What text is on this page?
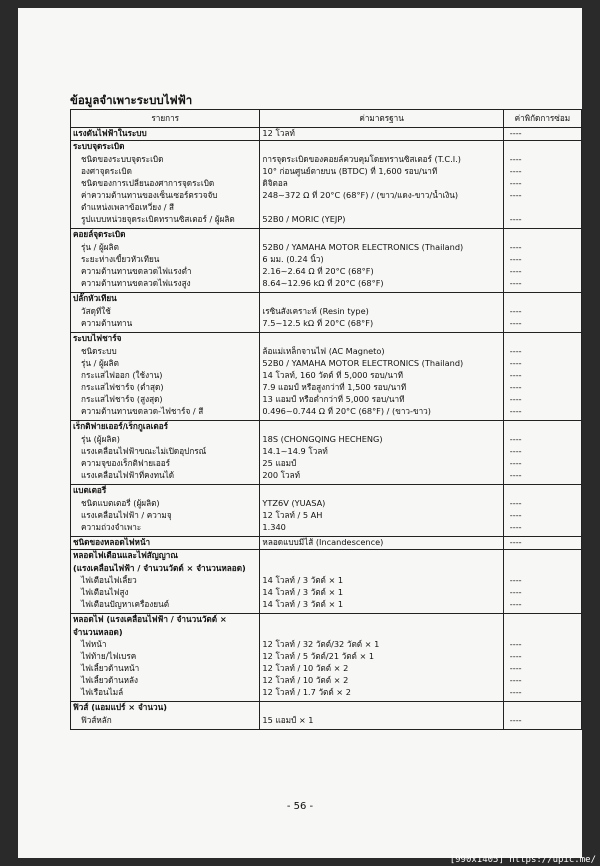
ข้อมูลจำเพาะระบบไฟฟ้า
รายการ	ค่ามาตรฐาน	ค่าพิกัดการซ่อม
แรงดันไฟฟ้าในระบบ	12 โวลท์	----
ระบบจุดระเบิด		
ชนิดของระบบจุดระเบิด	การจุดระเบิดของคอยล์ควบคุมโดยทรานซิสเตอร์ (T.C.I.)	----
องศาจุดระเบิด	10° ก่อนศูนย์ตายบน (BTDC) ที่ 1,600 รอบ/นาที	----
ชนิดของการเปลี่ยนองศาการจุดระเบิด	ดิจิตอล	----
ค่าความต้านทานของเซ็นเซอร์ตรวจจับ	248~372 Ω ที่ 20°C (68°F) / (ขาว/แดง-ขาว/น้ำเงิน)	----
ตำแหน่งเพลาข้อเหวี่ยง / สี		
รูปแบบหน่วยจุดระเบิดทรานซิสเตอร์ / ผู้ผลิต	52B0 / MORIC (YEJP)	----

คอยล์จุดระเบิด		
รุ่น / ผู้ผลิต	52B0 / YAMAHA MOTOR ELECTRONICS (Thailand)	----
ระยะห่างเขี้ยวหัวเทียน	6 มม. (0.24 นิ้ว)	----
ความต้านทานขดลวดไฟแรงต่ำ	2.16~2.64 Ω ที่ 20°C (68°F)	----
ความต้านทานขดลวดไฟแรงสูง	8.64~12.96 kΩ ที่ 20°C (68°F)	----

ปลั๊กหัวเทียน		
วัสดุที่ใช้	เรซินสังเคราะห์ (Resin type)	----
ความต้านทาน	7.5~12.5 kΩ ที่ 20°C (68°F)	----

ระบบไฟชาร์จ		
ชนิดระบบ	ล้อแม่เหล็กจานไฟ (AC Magneto)	----
รุ่น / ผู้ผลิต	52B0 / YAMAHA MOTOR ELECTRONICS (Thailand)	----
กระแสไฟออก (ใช้งาน)	14 โวลท์, 160 วัตต์ ที่ 5,000 รอบ/นาที	----
กระแสไฟชาร์จ (ต่ำสุด)	7.9 แอมป์ หรือสูงกว่าที่ 1,500 รอบ/นาที	----
กระแสไฟชาร์จ (สูงสุด)	13 แอมป์ หรือต่ำกว่าที่ 5,000 รอบ/นาที	----
ความต้านทานขดลวด-ไฟชาร์จ / สี	0.496~0.744 Ω ที่ 20°C (68°F) / (ขาว-ขาว)	----

เร็กติฟายเออร์/เร็กกูเลเตอร์		
รุ่น (ผู้ผลิต)	18S (CHONGQING HECHENG)	----
แรงเคลื่อนไฟฟ้าขณะไม่เปิดอุปกรณ์	14.1~14.9 โวลท์	----
ความจุของเร็กติฟายเออร์	25 แอมป์	----
แรงเคลื่อนไฟฟ้าที่คงทนได้	200 โวลท์	----

แบตเตอรี่		
ชนิดแบตเตอรี่ (ผู้ผลิต)	YTZ6V (YUASA)	----
แรงเคลื่อนไฟฟ้า / ความจุ	12 โวลท์ / 5 AH	----
ความถ่วงจำเพาะ	1.340	----

ชนิดของหลอดไฟหน้า	หลอดแบบมีไส้ (Incandescence)	----
หลอดไฟเตือนและไฟสัญญาณ		
(แรงเคลื่อนไฟฟ้า / จำนวนวัตต์ × จำนวนหลอด)		
ไฟเตือนไฟเลี้ยว	14 โวลท์ / 3 วัตต์ × 1	----
ไฟเตือนไฟสูง	14 โวลท์ / 3 วัตต์ × 1	----
ไฟเตือนปัญหาเครื่องยนต์	14 โวลท์ / 3 วัตต์ × 1	----

หลอดไฟ (แรงเคลื่อนไฟฟ้า / จำนวนวัตต์ ×		
จำนวนหลอด)		
ไฟหน้า	12 โวลท์ / 32 วัตต์/32 วัตต์ × 1	----
ไฟท้าย/ไฟเบรค	12 โวลท์ / 5 วัตต์/21 วัตต์ × 1	----
ไฟเลี้ยวด้านหน้า	12 โวลท์ / 10 วัตต์ × 2	----
ไฟเลี้ยวด้านหลัง	12 โวลท์ / 10 วัตต์ × 2	----
ไฟเรือนไมล์	12 โวลท์ / 1.7 วัตต์ × 2	----

ฟิวส์ (แอมแปร์ × จำนวน)		
ฟิวส์หลัก	15 แอมป์ × 1	----

- 56 -
[990x1405] https://upic.me/
